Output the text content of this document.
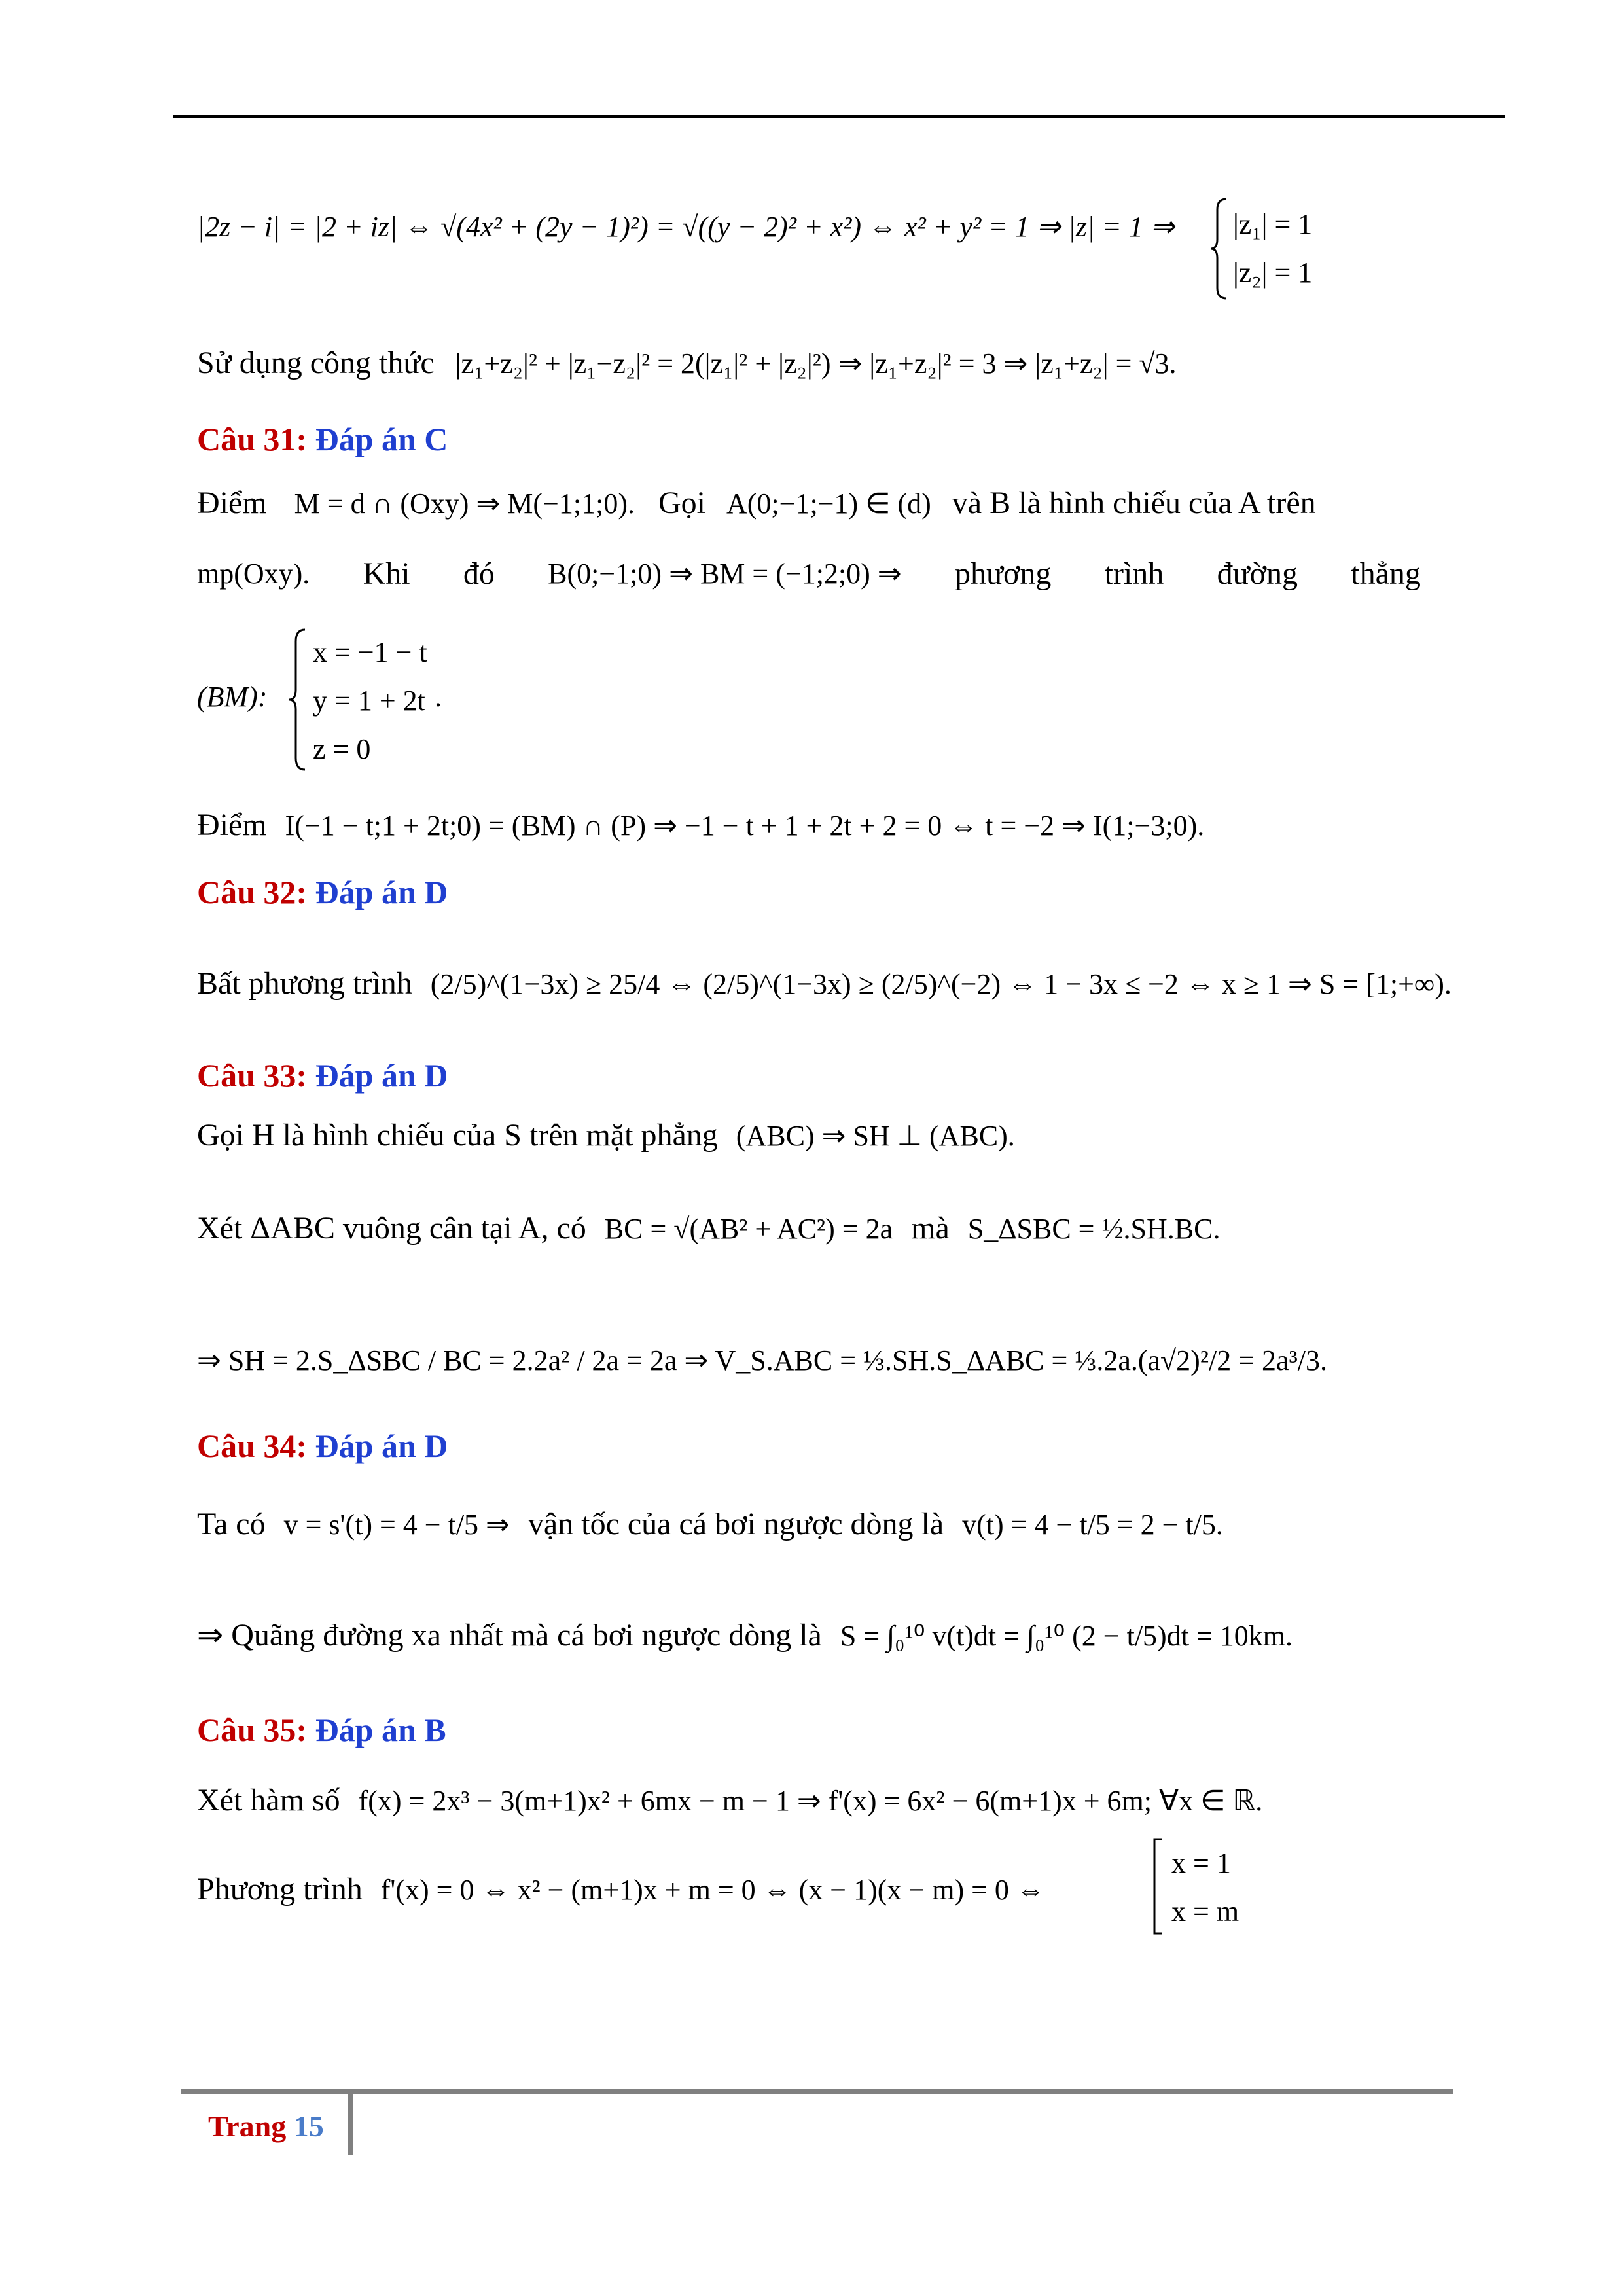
|2z − i| = |2 + iz| ⇔ √(4x² + (2y − 1)²) = √((y − 2)² + x²) ⇔ x² + y² = 1 ⇒ |z| = 1 ⇒ |z₁| = 1
|z₂| = 1
Sử dụng công thức |z₁+z₂|² + |z₁−z₂|² = 2(|z₁|² + |z₂|²) ⇒ |z₁+z₂|² = 3 ⇒ |z₁+z₂| = √3.
Câu 31: Đáp án C
Điểm M = d ∩ (Oxy) ⇒ M(−1;1;0). Gọi A(0;−1;−1) ∈ (d) và B là hình chiếu của A trên
mp(Oxy). Khi đó B(0;−1;0) ⇒ BM = (−1;2;0) ⇒ phương trình đường thẳng
(BM):
x = −1 − t
y = 1 + 2t
z = 0
.
Điểm I(−1 − t;1 + 2t;0) = (BM) ∩ (P) ⇒ −1 − t + 1 + 2t + 2 = 0 ⇔ t = −2 ⇒ I(1;−3;0).
Câu 32: Đáp án D
Bất phương trình (2/5)^(1−3x) ≥ 25/4 ⇔ (2/5)^(1−3x) ≥ (2/5)^(−2) ⇔ 1 − 3x ≤ −2 ⇔ x ≥ 1 ⇒ S = [1;+∞).
Câu 33: Đáp án D
Gọi H là hình chiếu của S trên mặt phẳng (ABC) ⇒ SH ⊥ (ABC).
Xét ΔABC vuông cân tại A, có BC = √(AB² + AC²) = 2a mà S_ΔSBC = ½.SH.BC.
⇒ SH = 2.S_ΔSBC / BC = 2.2a² / 2a = 2a ⇒ V_S.ABC = ⅓.SH.S_ΔABC = ⅓.2a.(a√2)²/2 = 2a³/3.
Câu 34: Đáp án D
Ta có v = s'(t) = 4 − t/5 ⇒ vận tốc của cá bơi ngược dòng là v(t) = 4 − t/5 = 2 − t/5.
⇒ Quãng đường xa nhất mà cá bơi ngược dòng là S = ∫₀¹⁰ v(t)dt = ∫₀¹⁰ (2 − t/5)dt = 10km.
Câu 35: Đáp án B
Xét hàm số f(x) = 2x³ − 3(m+1)x² + 6mx − m − 1 ⇒ f'(x) = 6x² − 6(m+1)x + 6m; ∀x ∈ ℝ.
Phương trình f'(x) = 0 ⇔ x² − (m+1)x + m = 0 ⇔ (x − 1)(x − m) = 0 ⇔
x = 1
x = m
Trang 15
